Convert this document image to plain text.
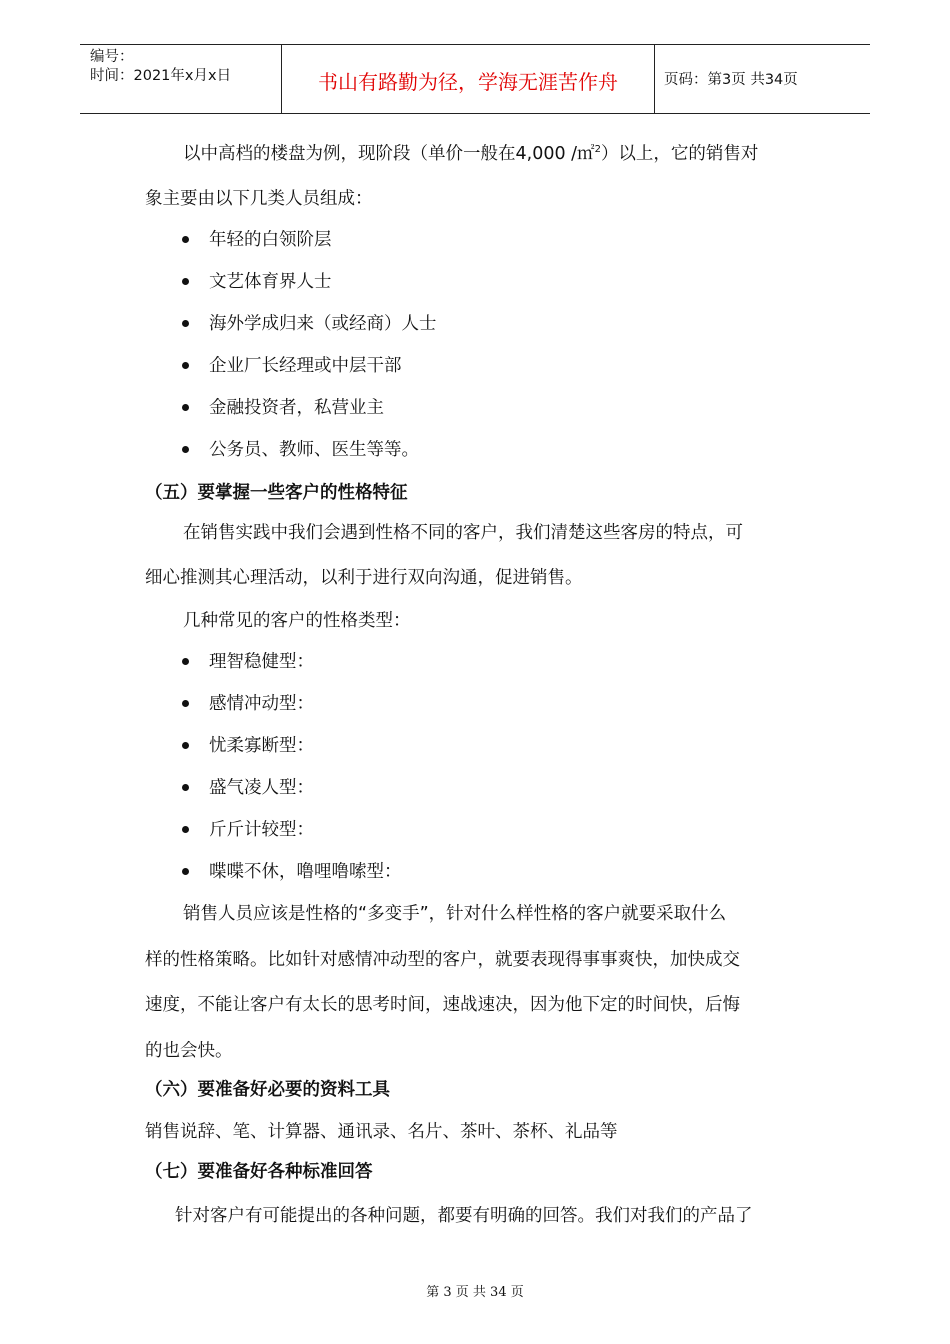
编号：
时间：2021年x月x日	书山有路勤为径，学海无涯苦作舟	页码：第3页 共34页
以中高档的楼盘为例，现阶段（单价一般在4,000 /㎡$^2$）以上，它的销售对
象主要由以下几类人员组成：
年轻的白领阶层
文艺体育界人士
海外学成归来（或经商）人士
企业厂长经理或中层干部
金融投资者，私营业主
公务员、教师、医生等等。
（五）要掌握一些客户的性格特征
在销售实践中我们会遇到性格不同的客户，我们清楚这些客房的特点，可
细心推测其心理活动，以利于进行双向沟通，促进销售。
几种常见的客户的性格类型：
理智稳健型：
感情冲动型：
忧柔寡断型：
盛气凌人型：
斤斤计较型：
喋喋不休，噜哩噜嗦型：
销售人员应该是性格的“多变手”，针对什么样性格的客户就要采取什么
样的性格策略。比如针对感情冲动型的客户，就要表现得事事爽快，加快成交
速度，不能让客户有太长的思考时间，速战速决，因为他下定的时间快，后悔
的也会快。
（六）要准备好必要的资料工具
销售说辞、笔、计算器、通讯录、名片、茶叶、茶杯、礼品等
（七）要准备好各种标准回答
针对客户有可能提出的各种问题，都要有明确的回答。我们对我们的产品了
第 3 页 共 34 页
